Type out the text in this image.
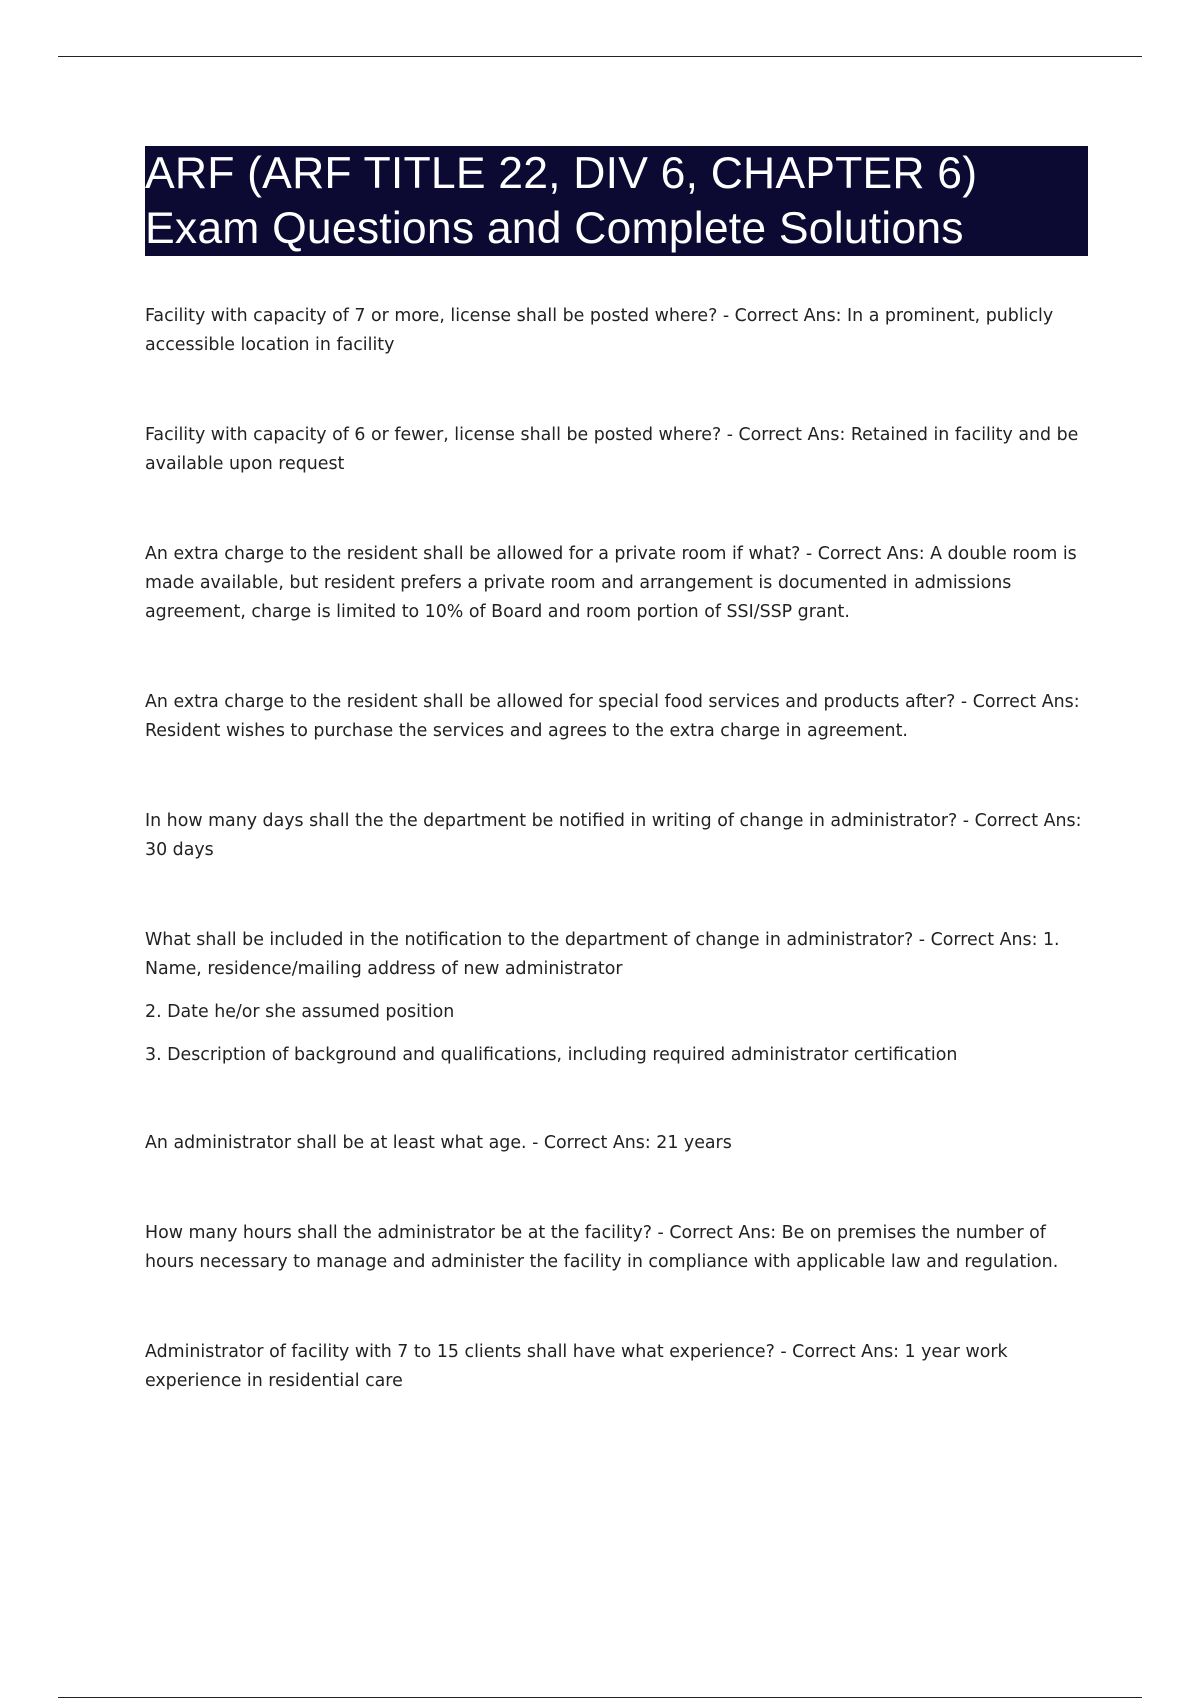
ARF (ARF TITLE 22, DIV 6, CHAPTER 6)
Exam Questions and Complete Solutions

Facility with capacity of 7 or more, license shall be posted where? - Correct Ans: In a prominent, publicly accessible location in facility

Facility with capacity of 6 or fewer, license shall be posted where? - Correct Ans: Retained in facility and be available upon request

An extra charge to the resident shall be allowed for a private room if what? - Correct Ans: A double room is made available, but resident prefers a private room and arrangement is documented in admissions agreement, charge is limited to 10% of Board and room portion of SSI/SSP grant.

An extra charge to the resident shall be allowed for special food services and products after? - Correct Ans: Resident wishes to purchase the services and agrees to the extra charge in agreement.

In how many days shall the the department be notified in writing of change in administrator? - Correct Ans: 30 days

What shall be included in the notification to the department of change in administrator? - Correct Ans: 1. Name, residence/mailing address of new administrator

2. Date he/or she assumed position

3. Description of background and qualifications, including required administrator certification

An administrator shall be at least what age. - Correct Ans: 21 years

How many hours shall the administrator be at the facility? - Correct Ans: Be on premises the number of hours necessary to manage and administer the facility in compliance with applicable law and regulation.

Administrator of facility with 7 to 15 clients shall have what experience? - Correct Ans: 1 year work experience in residential care
